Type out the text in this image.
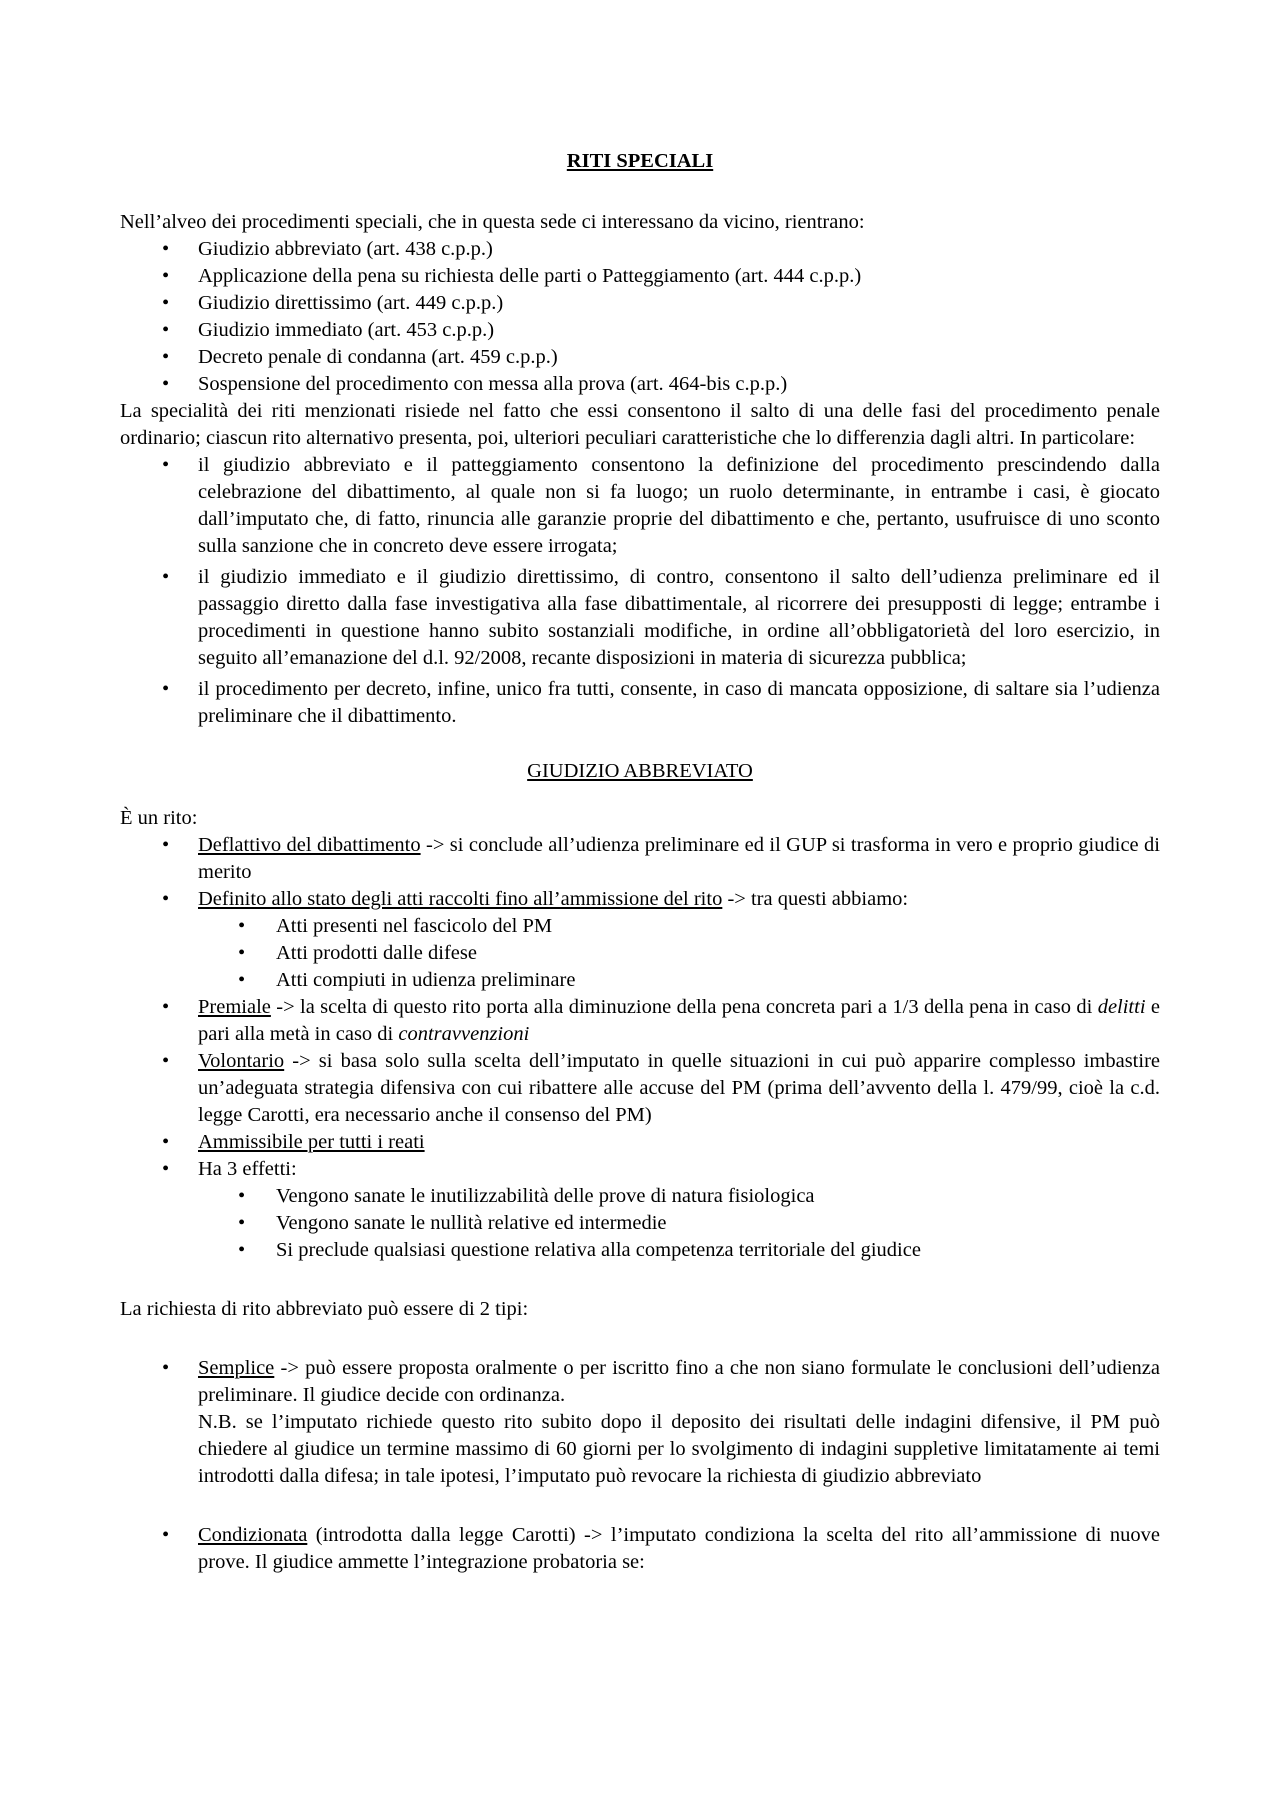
RITI SPECIALI

Nell’alveo dei procedimenti speciali, che in questa sede ci interessano da vicino, rientrano:

• Giudizio abbreviato (art. 438 c.p.p.)
• Applicazione della pena su richiesta delle parti o Patteggiamento (art. 444 c.p.p.)
• Giudizio direttissimo (art. 449 c.p.p.)
• Giudizio immediato (art. 453 c.p.p.)
• Decreto penale di condanna (art. 459 c.p.p.)
• Sospensione del procedimento con messa alla prova (art. 464-bis c.p.p.)

La specialità dei riti menzionati risiede nel fatto che essi consentono il salto di una delle fasi del procedimento penale ordinario; ciascun rito alternativo presenta, poi, ulteriori peculiari caratteristiche che lo differenzia dagli altri. In particolare:

• il giudizio abbreviato e il patteggiamento consentono la definizione del procedimento prescindendo dalla celebrazione del dibattimento, al quale non si fa luogo; un ruolo determinante, in entrambe i casi, è giocato dall’imputato che, di fatto, rinuncia alle garanzie proprie del dibattimento e che, pertanto, usufruisce di uno sconto sulla sanzione che in concreto deve essere irrogata;
• il giudizio immediato e il giudizio direttissimo, di contro, consentono il salto dell’udienza preliminare ed il passaggio diretto dalla fase investigativa alla fase dibattimentale, al ricorrere dei presupposti di legge; entrambe i procedimenti in questione hanno subito sostanziali modifiche, in ordine all’obbligatorietà del loro esercizio, in seguito all’emanazione del d.l. 92/2008, recante disposizioni in materia di sicurezza pubblica;
• il procedimento per decreto, infine, unico fra tutti, consente, in caso di mancata opposizione, di saltare sia l’udienza preliminare che il dibattimento.
GIUDIZIO ABBREVIATO

È un rito:

• Deflattivo del dibattimento -> si conclude all’udienza preliminare ed il GUP si trasforma in vero e proprio giudice di merito
• Definito allo stato degli atti raccolti fino all’ammissione del rito -> tra questi abbiamo:
• Atti presenti nel fascicolo del PM
• Atti prodotti dalle difese
• Atti compiuti in udienza preliminare
• Premiale -> la scelta di questo rito porta alla diminuzione della pena concreta pari a 1/3 della pena in caso di delitti e pari alla metà in caso di contravvenzioni
• Volontario -> si basa solo sulla scelta dell’imputato in quelle situazioni in cui può apparire complesso imbastire un’adeguata strategia difensiva con cui ribattere alle accuse del PM (prima dell’avvento della l. 479/99, cioè la c.d. legge Carotti, era necessario anche il consenso del PM)
• Ammissibile per tutti i reati
• Ha 3 effetti:
• Vengono sanate le inutilizzabilità delle prove di natura fisiologica
• Vengono sanate le nullità relative ed intermedie
• Si preclude qualsiasi questione relativa alla competenza territoriale del giudice

La richiesta di rito abbreviato può essere di 2 tipi:

• Semplice -> può essere proposta oralmente o per iscritto fino a che non siano formulate le conclusioni dell’udienza preliminare. Il giudice decide con ordinanza.
N.B. se l’imputato richiede questo rito subito dopo il deposito dei risultati delle indagini difensive, il PM può chiedere al giudice un termine massimo di 60 giorni per lo svolgimento di indagini suppletive limitatamente ai temi introdotti dalla difesa; in tale ipotesi, l’imputato può revocare la richiesta di giudizio abbreviato
• Condizionata (introdotta dalla legge Carotti) -> l’imputato condiziona la scelta del rito all’ammissione di nuove prove. Il giudice ammette l’integrazione probatoria se:
